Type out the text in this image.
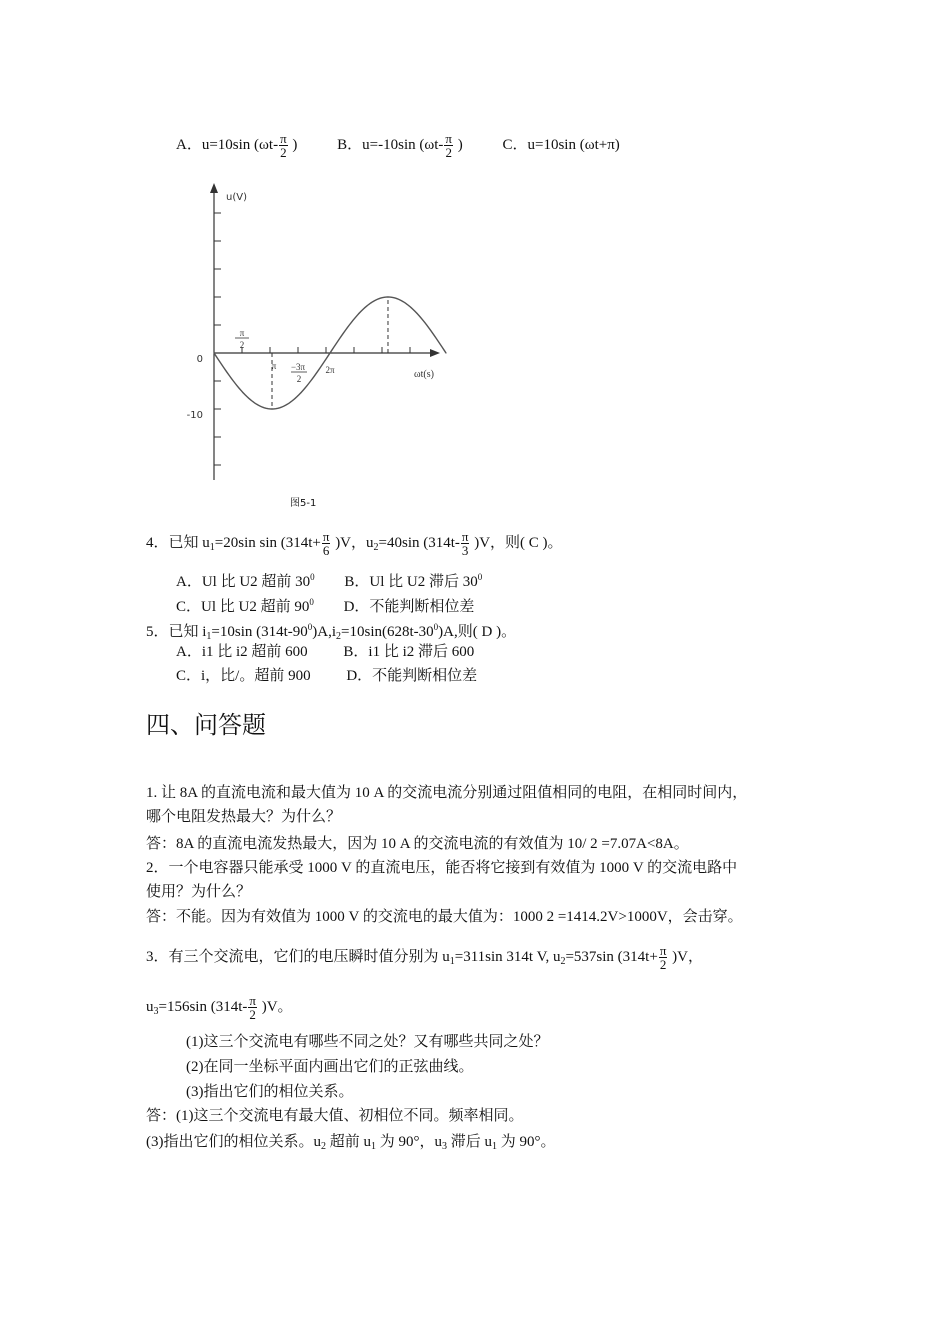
A．u=10sin ($\omega t- \frac{\pi}{2}$ )	B．u=-10sin ($\omega t- \frac{\pi}{2}$ )	C．u=10sin (ωt+π)
u(V)
ωt(s)
0
-10
π
2
π −3π
2
2π
图5-1
4．已知 $u_1=20\sin$ $\sin (314t+ \frac{\pi}{6} )V$，$u_2=40\sin$ $(314t- \frac{\pi}{3} )V$，则( C )。
A．Ul 比 U2 超前 $30^0$ B．Ul 比 U2 滞后 $30^0$
C．Ul 比 U2 超前 $90^0$ D．不能判断相位差
5．已知 $i_1=10\sin$ $(314t-90^0)A,i_2=10\sin(628t-30^0)A$,则( D )。
A．i1 比 i2 超前 600 B．i1 比 i2 滞后 600
C．i，比/。超前 900 D．不能判断相位差
四、问答题
1. 让 8A 的直流电流和最大值为 10 A 的交流电流分别通过阻值相同的电阻，在相同时间内，
哪个电阻发热最大？为什么？
答：8A 的直流电流发热最大，因为 10 A 的交流电流的有效值为 10/ 2 =7.07A<8A。
2．一个电容器只能承受 1000 V 的直流电压，能否将它接到有效值为 1000 V 的交流电路中
使用？为什么？
答：不能。因为有效值为 1000 V 的交流电的最大值为：1000 2 =1414.2V>1000V，会击穿。
3．有三个交流电，它们的电压瞬时值分别为 $u_1=311\sin$ 314t V, $u_2=537\sin$ $(314t+ \frac{\pi}{2} )V$，
$u_3=156\sin$ $(314t- \frac{\pi}{2} )V$。
(1)这三个交流电有哪些不同之处？又有哪些共同之处？
(2)在同一坐标平面内画出它们的正弦曲线。
(3)指出它们的相位关系。
答：(1)这三个交流电有最大值、初相位不同。频率相同。
(3)指出它们的相位关系。$u_2$ 超前 $u_1$ 为 90°，$u_3$ 滞后 $u_1$ 为 90°。
